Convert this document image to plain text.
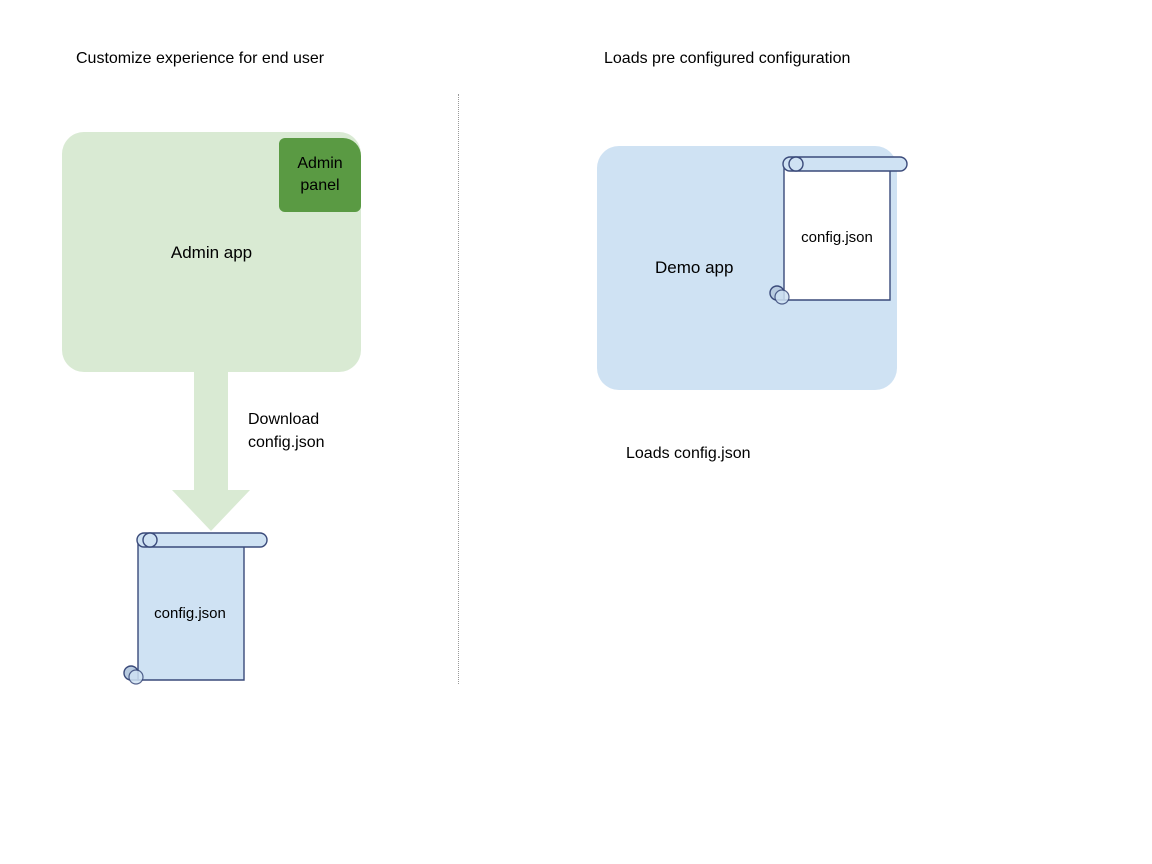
Customize experience for end user	Loads pre configured configuration
Admin app
Admin
panel
Download
config.json
config.json
Demo app
config.json
Loads config.json
